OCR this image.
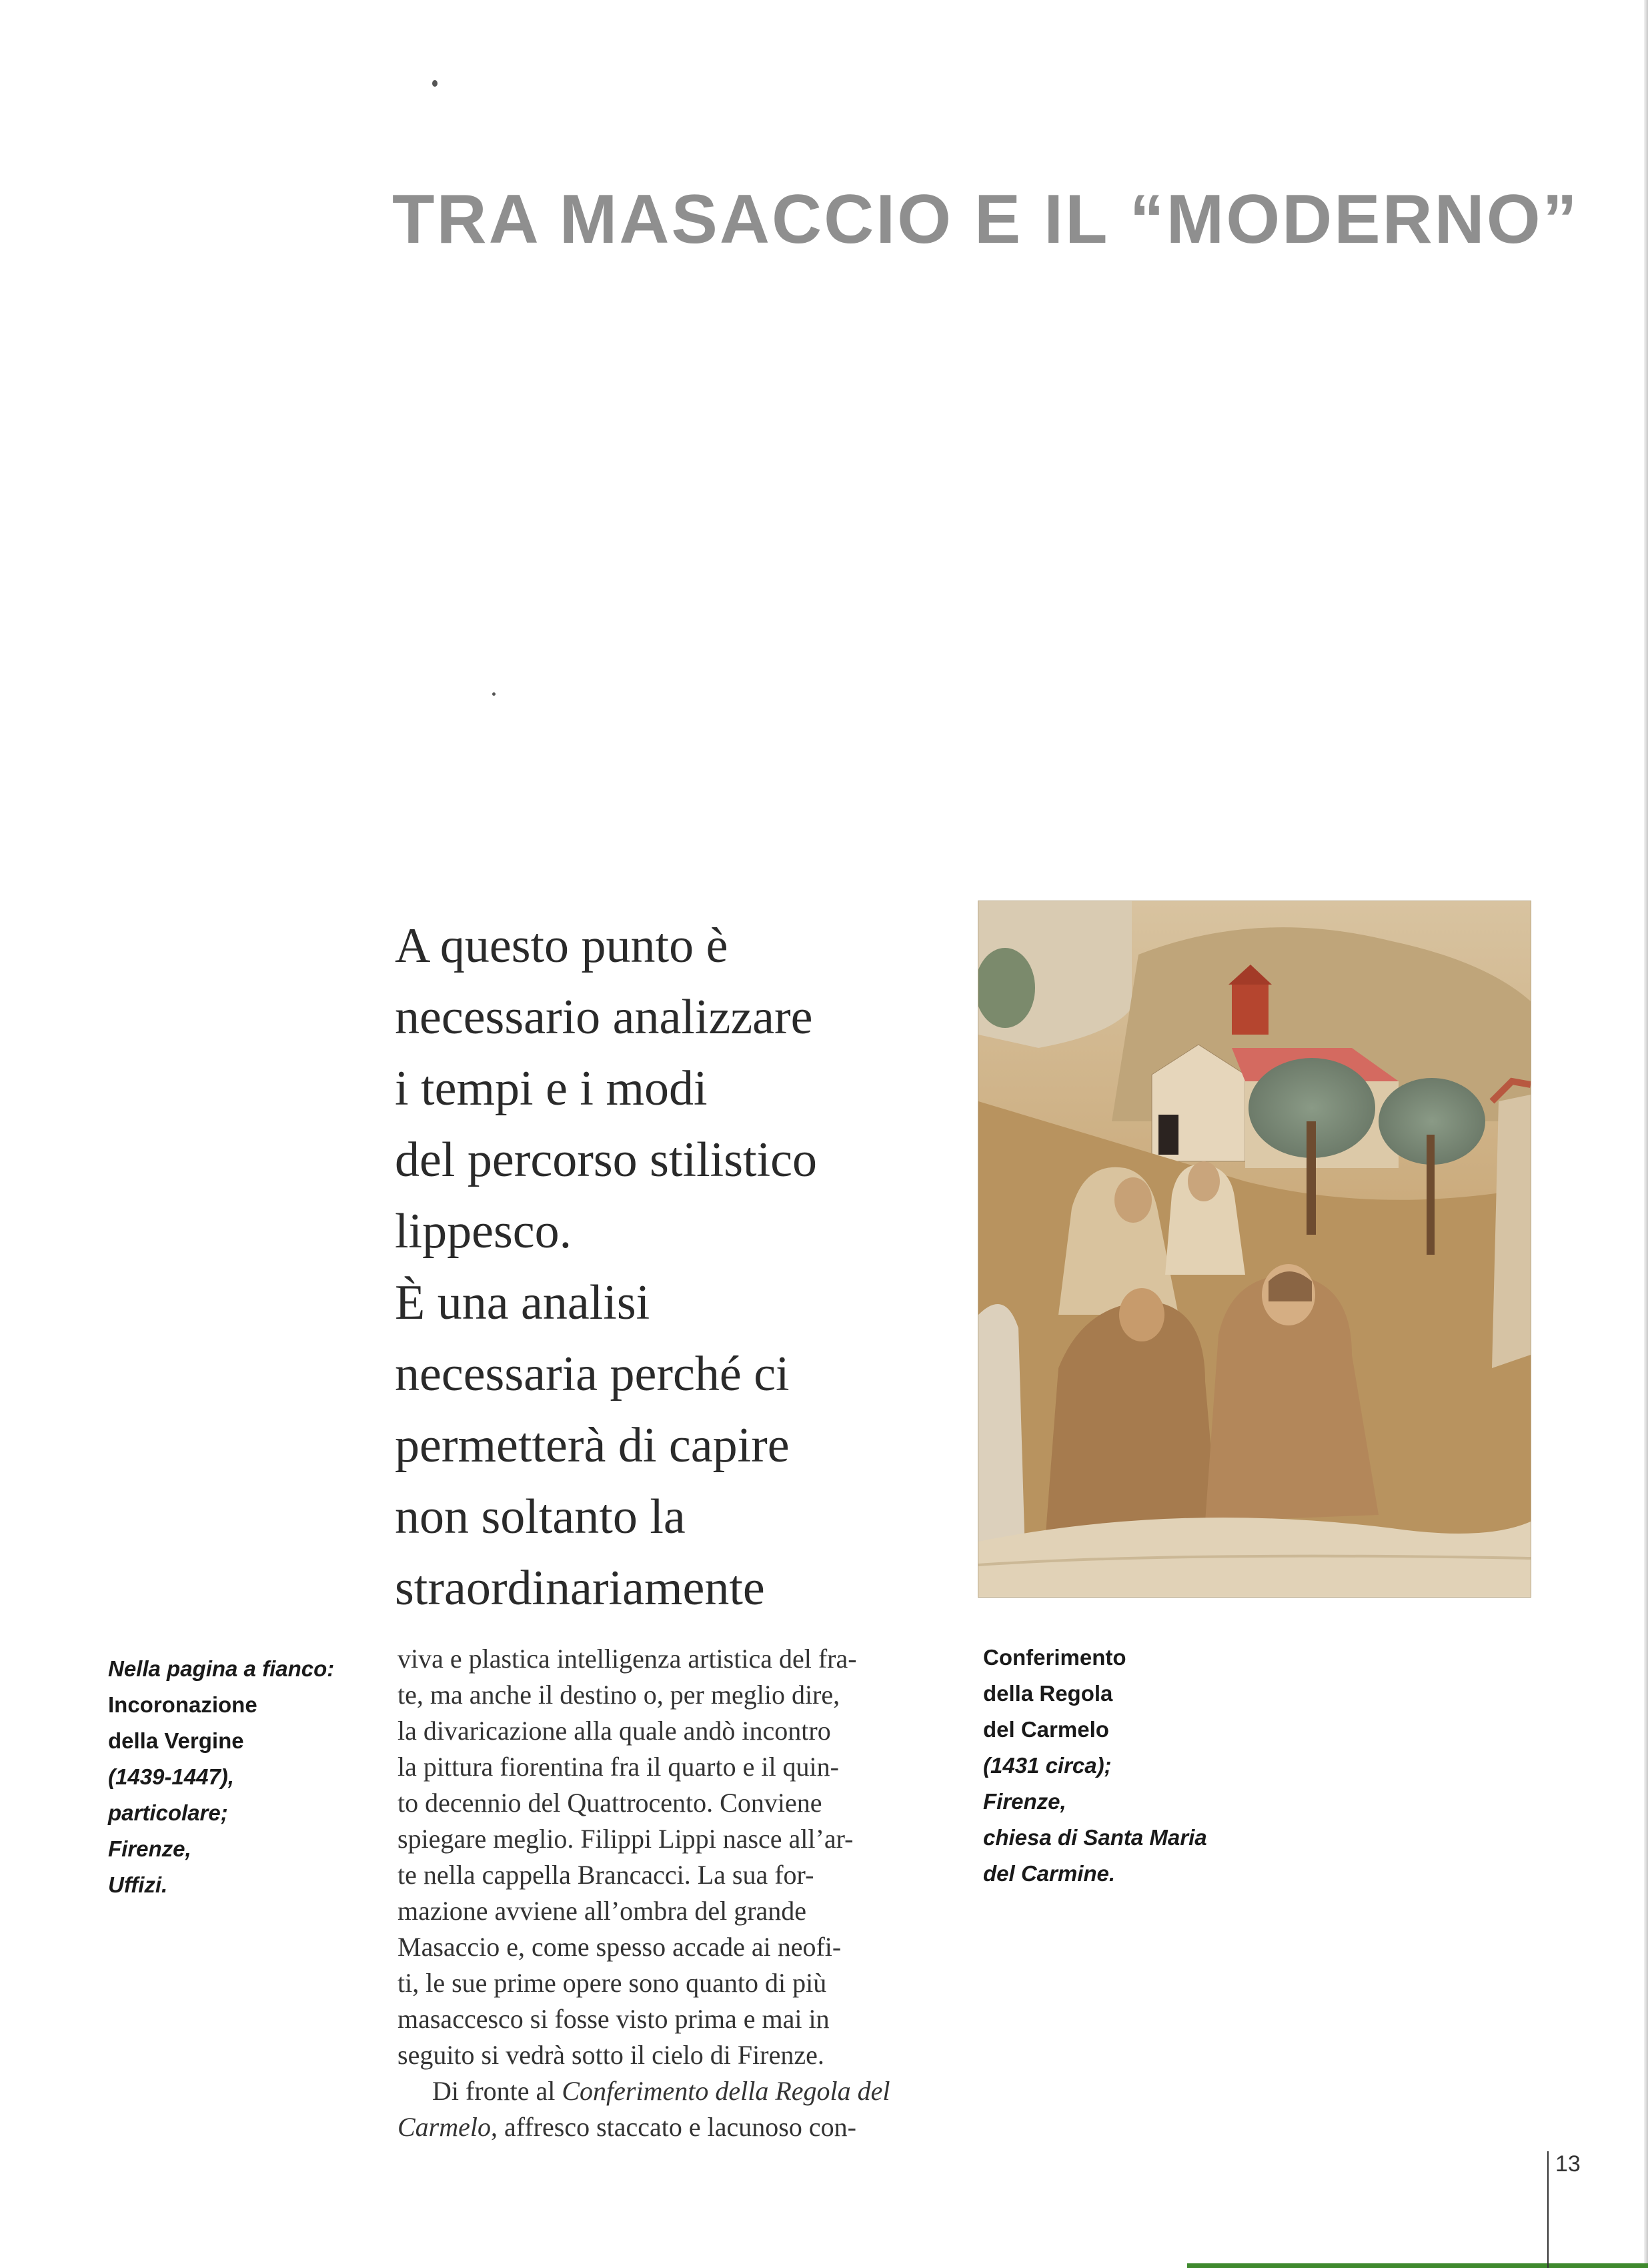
TRA MASACCIO E IL “MODERNO”
A questo punto è
necessario analizzare
i tempi e i modi
del percorso stilistico
lippesco.
È una analisi
necessaria perché ci
permetterà di capire
non soltanto la
straordinariamente
viva e plastica intelligenza artistica del fra-
te, ma anche il destino o, per meglio dire,
la divaricazione alla quale andò incontro
la pittura fiorentina fra il quarto e il quin-
to decennio del Quattrocento. Conviene
spiegare meglio. Filippi Lippi nasce all’ar-
te nella cappella Brancacci. La sua for-
mazione avviene all’ombra del grande
Masaccio e, come spesso accade ai neofi-
ti, le sue prime opere sono quanto di più
masaccesco si fosse visto prima e mai in
seguito si vedrà sotto il cielo di Firenze.
Di fronte al Conferimento della Regola del
Carmelo, affresco staccato e lacunoso con-
Nella pagina a fianco:
Incoronazione
della Vergine
(1439-1447),
particolare;
Firenze,
Uffizi.
Conferimento
della Regola
del Carmelo
(1431 circa);
Firenze,
chiesa di Santa Maria
del Carmine.
13
